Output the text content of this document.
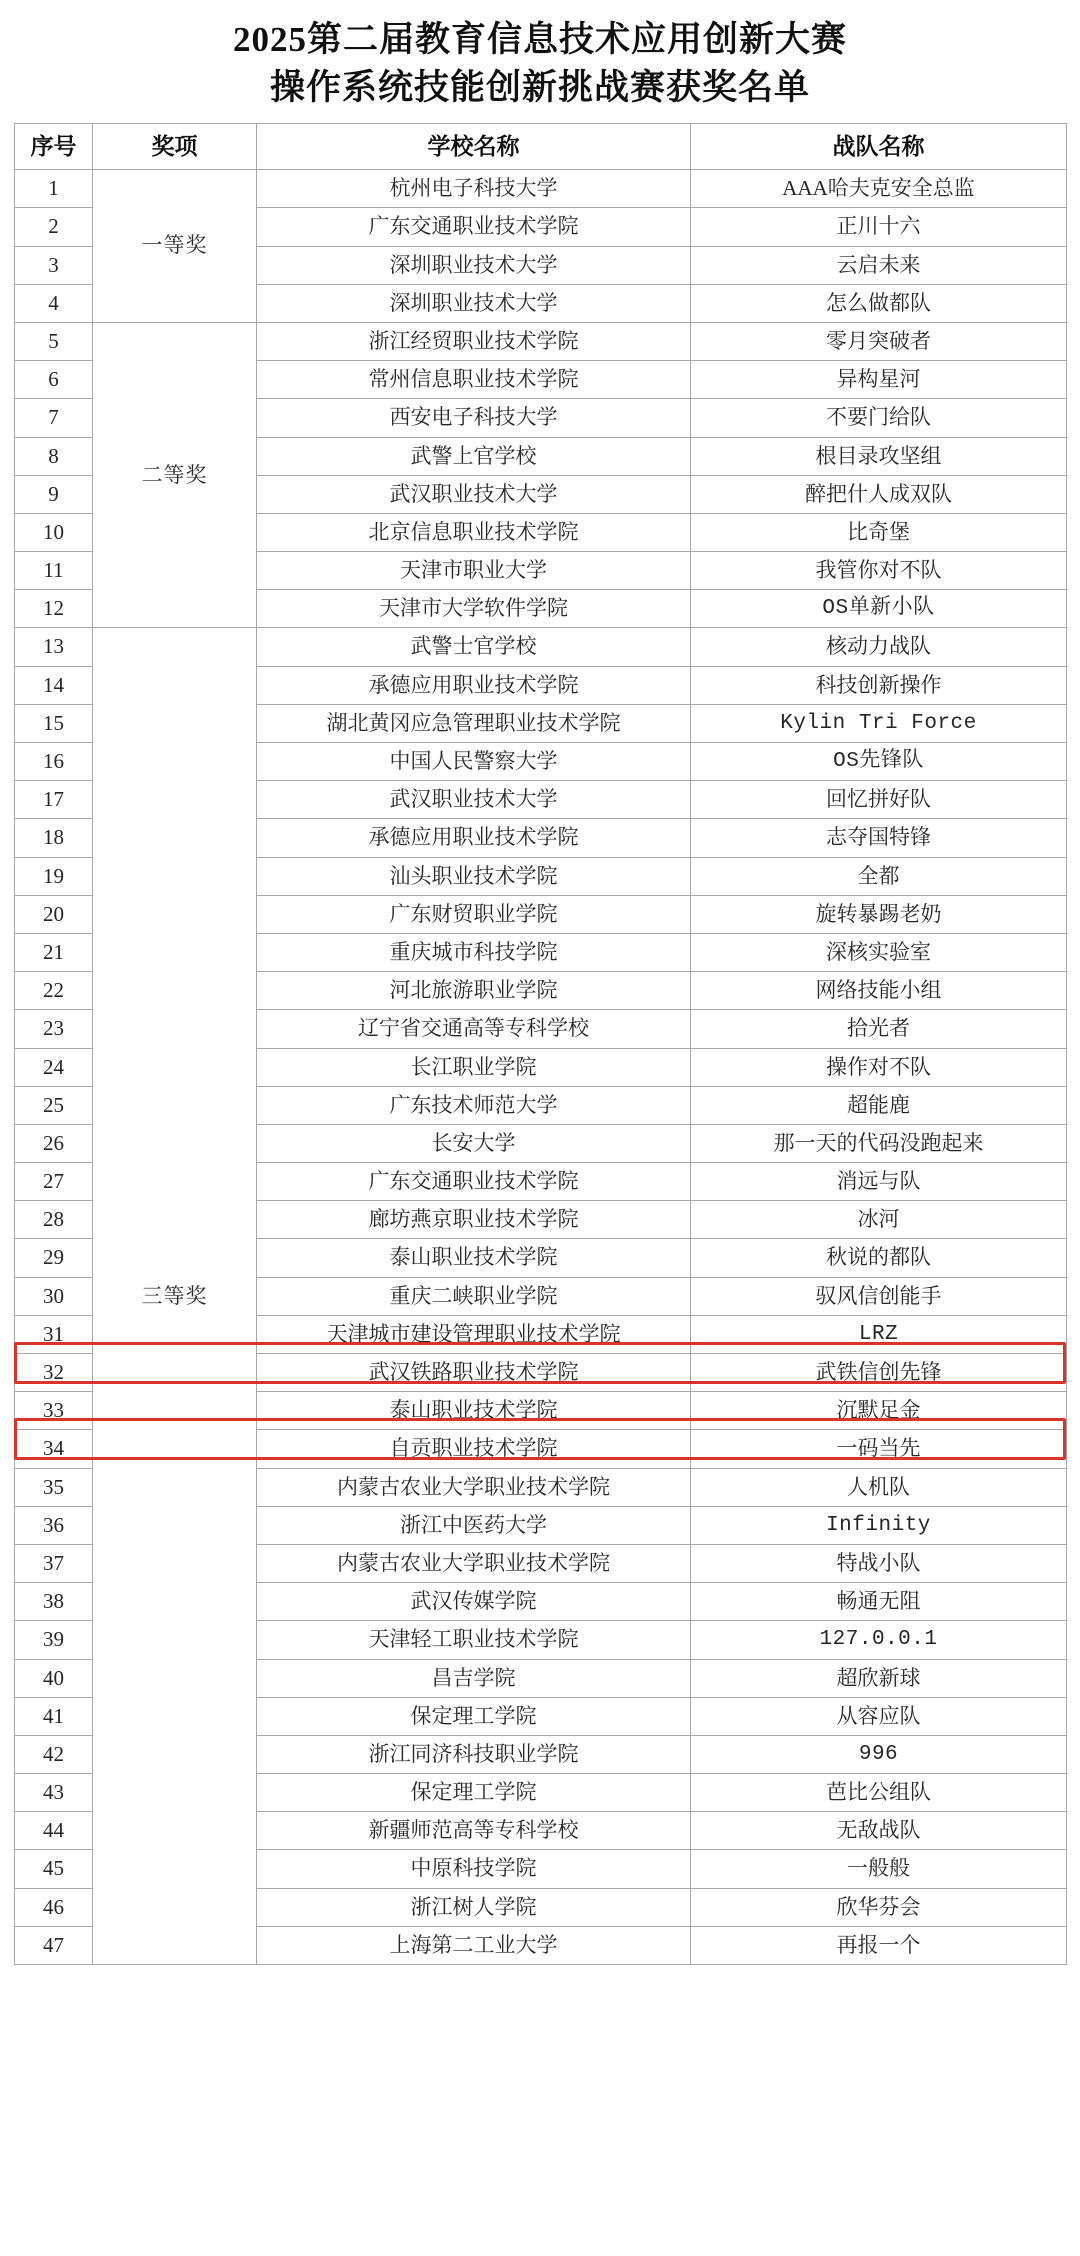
2025第二届教育信息技术应用创新大赛
操作系统技能创新挑战赛获奖名单
序号	奖项	学校名称	战队名称
1	一等奖	杭州电子科技大学	AAA哈夫克安全总监
2		广东交通职业技术学院	正川十六
3		深圳职业技术大学	云启未来
4		深圳职业技术大学	怎么做都队
5	二等奖	浙江经贸职业技术学院	零月突破者
6		常州信息职业技术学院	异构星河
7		西安电子科技大学	不要门给队
8		武警上官学校	根目录攻坚组
9		武汉职业技术大学	醉把什人成双队
10		北京信息职业技术学院	比奇堡
11		天津市职业大学	我管你对不队
12		天津市大学软件学院	OS单新小队
13	三等奖	武警士官学校	核动力战队
14		承德应用职业技术学院	科技创新操作
15		湖北黄冈应急管理职业技术学院	Kylin Tri Force
16		中国人民警察大学	OS先锋队
17		武汉职业技术大学	回忆拼好队
18		承德应用职业技术学院	志夺国特锋
19		汕头职业技术学院	全都
20		广东财贸职业学院	旋转暴踢老奶
21		重庆城市科技学院	深核实验室
22		河北旅游职业学院	网络技能小组
23		辽宁省交通高等专科学校	拾光者
24		长江职业学院	操作对不队
25		广东技术师范大学	超能鹿
26		长安大学	那一天的代码没跑起来
27		广东交通职业技术学院	消远与队
28		廊坊燕京职业技术学院	冰河
29		泰山职业技术学院	秋说的都队
30		重庆二峡职业学院	驭风信创能手
31		天津城市建设管理职业技术学院	LRZ
32		武汉铁路职业技术学院	武铁信创先锋
33		泰山职业技术学院	沉默足金
34		自贡职业技术学院	一码当先
35		内蒙古农业大学职业技术学院	人机队
36		浙江中医药大学	Infinity
37		内蒙古农业大学职业技术学院	特战小队
38		武汉传媒学院	畅通无阻
39		天津轻工职业技术学院	127.0.0.1
40		昌吉学院	超欣新球
41		保定理工学院	从容应队
42		浙江同济科技职业学院	996
43		保定理工学院	芭比公组队
44		新疆师范高等专科学校	无敌战队
45		中原科技学院	一般般
46		浙江树人学院	欣华芬会
47		上海第二工业大学	再报一个
